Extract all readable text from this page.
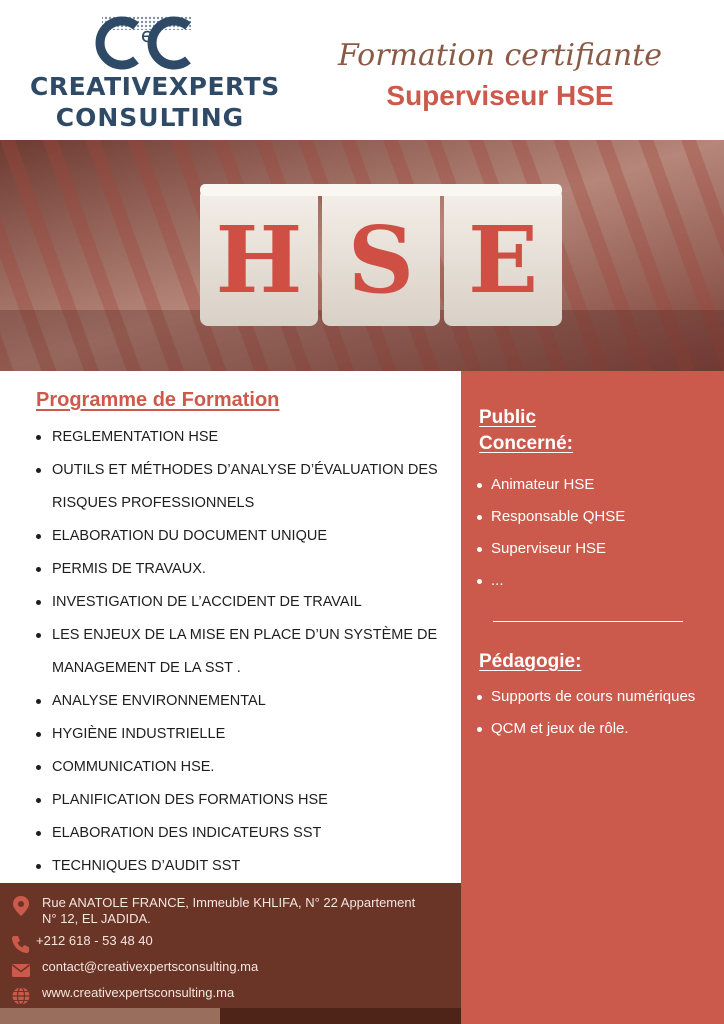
e
CREATIVEXPERTS
CONSULTING
Formation certifiante
Superviseur HSE
H S E
Programme de Formation
REGLEMENTATION HSE
OUTILS ET MÉTHODES D’ANALYSE D’ÉVALUATION DES RISQUES PROFESSIONNELS
ELABORATION DU DOCUMENT UNIQUE
PERMIS DE TRAVAUX.
INVESTIGATION DE L’ACCIDENT DE TRAVAIL
LES ENJEUX DE LA MISE EN PLACE D’UN SYSTÈME DE MANAGEMENT DE LA SST .
ANALYSE ENVIRONNEMENTAL
HYGIÈNE INDUSTRIELLE
COMMUNICATION HSE.
PLANIFICATION DES FORMATIONS HSE
ELABORATION DES INDICATEURS SST
TECHNIQUES D’AUDIT SST
Public
Concerné:
Animateur HSE
Responsable QHSE
Superviseur HSE
...
Pédagogie:
Supports de cours numériques
QCM et jeux de rôle.
Rue ANATOLE FRANCE, Immeuble KHLIFA, N° 22 Appartement N° 12, EL JADIDA.
+212 618 - 53 48 40
contact@creativexpertsconsulting.ma
www.creativexpertsconsulting.ma
